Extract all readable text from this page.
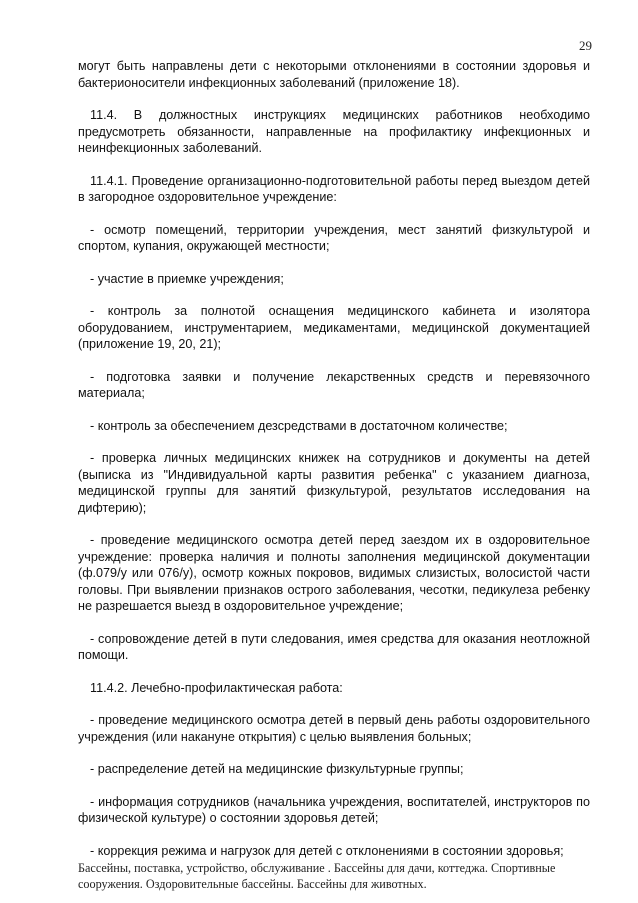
29

могут быть направлены дети с некоторыми отклонениями в состоянии здоровья и бактерионосители инфекционных заболеваний (приложение 18).

11.4. В должностных инструкциях медицинских работников необходимо предусмотреть обязанности, направленные на профилактику инфекционных и неинфекционных заболеваний.

11.4.1. Проведение организационно-подготовительной работы перед выездом детей в загородное оздоровительное учреждение:

- осмотр помещений, территории учреждения, мест занятий физкультурой и спортом, купания, окружающей местности;

- участие в приемке учреждения;

- контроль за полнотой оснащения медицинского кабинета и изолятора оборудованием, инструментарием, медикаментами, медицинской документацией (приложение 19, 20, 21);

- подготовка заявки и получение лекарственных средств и перевязочного материала;

- контроль за обеспечением дезсредствами в достаточном количестве;

- проверка личных медицинских книжек на сотрудников и документы на детей (выписка из "Индивидуальной карты развития ребенка" с указанием диагноза, медицинской группы для занятий физкультурой, результатов исследования на дифтерию);

- проведение медицинского осмотра детей перед заездом их в оздоровительное учреждение: проверка наличия и полноты заполнения медицинской документации (ф.079/у или 076/у), осмотр кожных покровов, видимых слизистых, волосистой части головы. При выявлении признаков острого заболевания, чесотки, педикулеза ребенку не разрешается выезд в оздоровительное учреждение;

- сопровождение детей в пути следования, имея средства для оказания неотложной помощи.

11.4.2. Лечебно-профилактическая работа:

- проведение медицинского осмотра детей в первый день работы оздоровительного учреждения (или накануне открытия) с целью выявления больных;

- распределение детей на медицинские физкультурные группы;

- информация сотрудников (начальника учреждения, воспитателей, инструкторов по физической культуре) о состоянии здоровья детей;

- коррекция режима и нагрузок для детей с отклонениями в состоянии здоровья;

Бассейны, поставка, устройство, обслуживание . Бассейны для дачи, коттеджа. Спортивные сооружения. Оздоровительные бассейны. Бассейны для животных.
